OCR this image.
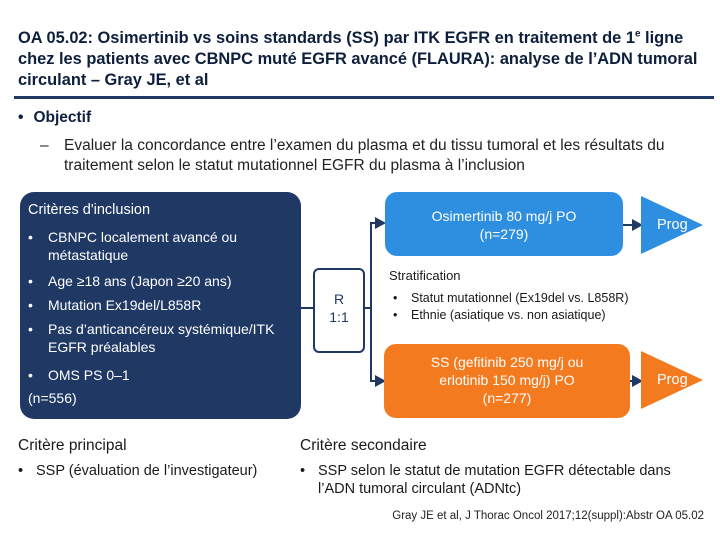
OA 05.02: Osimertinib vs soins standards (SS) par ITK EGFR en traitement de 1e ligne chez les patients avec CBNPC muté EGFR avancé (FLAURA): analyse de l’ADN tumoral circulant – Gray JE, et al
• Objectif
– Evaluer la concordance entre l’examen du plasma et du tissu tumoral et les résultats du traitement selon le statut mutationnel EGFR du plasma à l’inclusion
Critères d'inclusion
•	CBNPC localement avancé ou métastatique
•	Age ≥18 ans (Japon ≥20 ans)
•	Mutation Ex19del/L858R
•	Pas d’anticancéreux systémique/ITK EGFR préalables
•	OMS PS 0–1
(n=556)
R
1:1
Osimertinib 80 mg/j PO
(n=279)
Prog
Stratification
•	Statut mutationnel (Ex19del vs. L858R)
•	Ethnie (asiatique vs. non asiatique)
SS (gefitinib 250 mg/j ou
erlotinib 150 mg/j) PO
(n=277)
Prog
Critère principal
• SSP (évaluation de l’investigateur)
Critère secondaire
• SSP selon le statut de mutation EGFR détectable dans l’ADN tumoral circulant (ADNtc)
Gray JE et al, J Thorac Oncol 2017;12(suppl):Abstr OA 05.02
